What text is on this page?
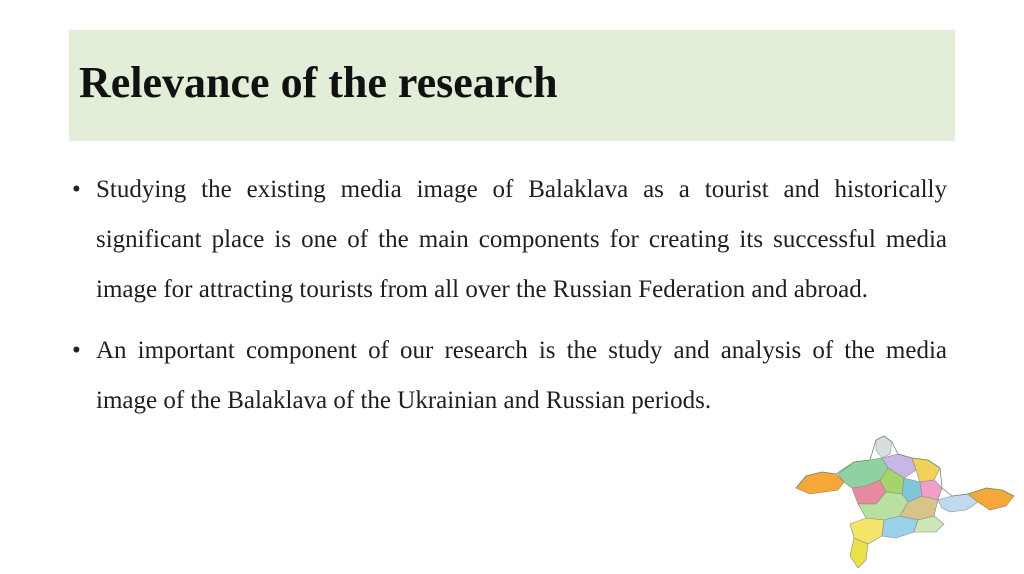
Relevance of the research
• Studying the existing media image of Balaklava as a tourist and historically significant place is one of the main components for creating its successful media image for attracting tourists from all over the Russian Federation and abroad.
• An important component of our research is the study and analysis of the media image of the Balaklava of the Ukrainian and Russian periods.
